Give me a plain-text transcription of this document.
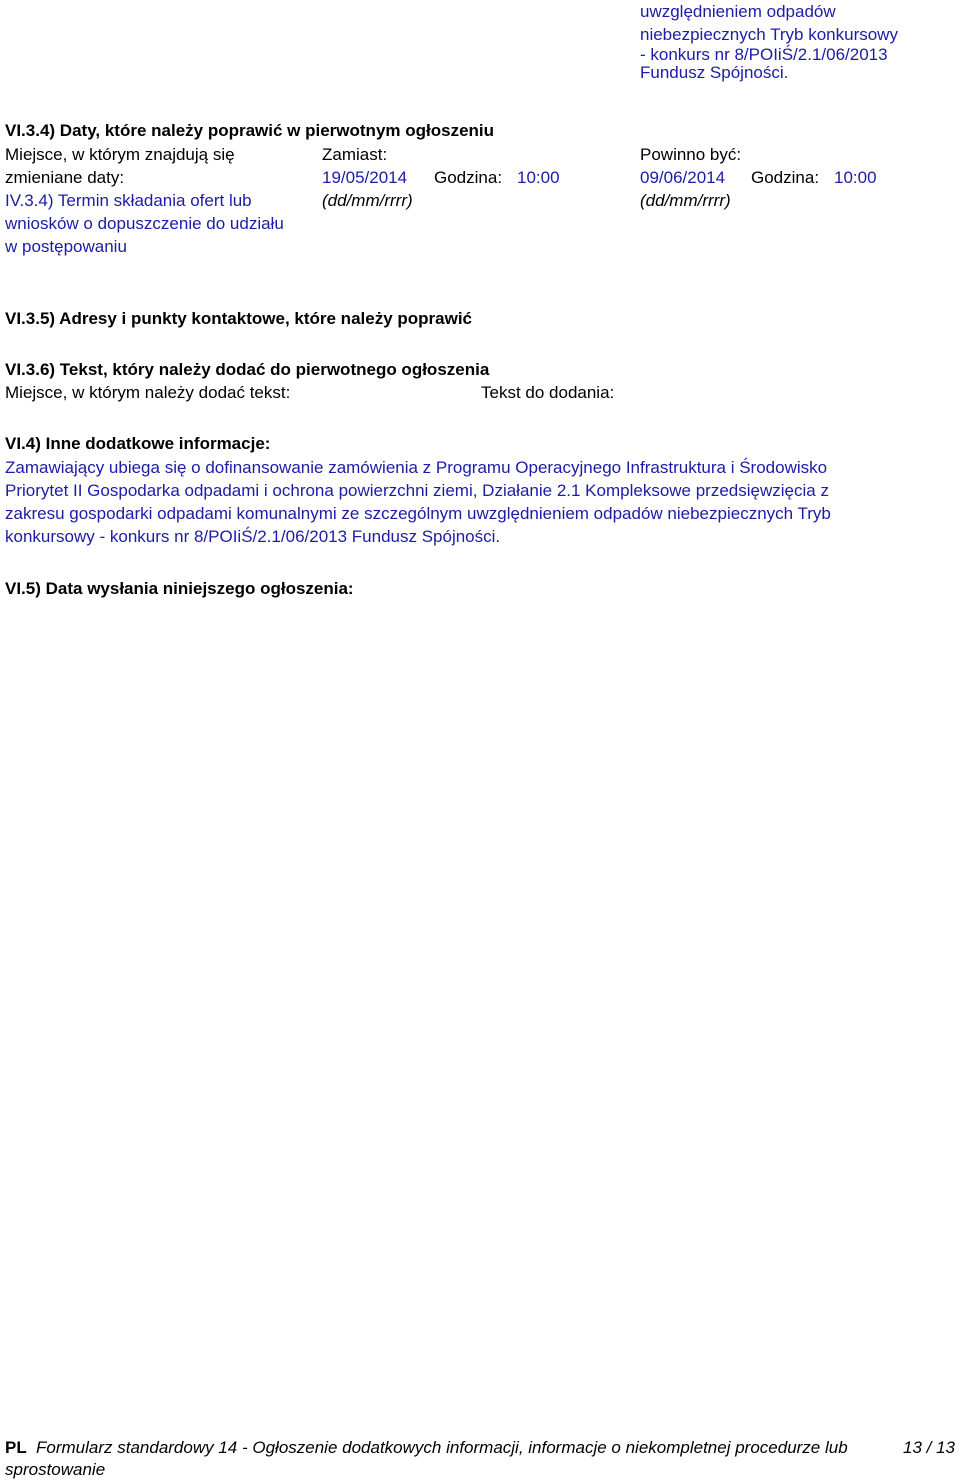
uwzględnieniem odpadów
niebezpiecznych Tryb konkursowy
- konkurs nr 8/POIiŚ/2.1/06/2013
Fundusz Spójności.
VI.3.4) Daty, które należy poprawić w pierwotnym ogłoszeniu
Miejsce, w którym znajdują się
zmieniane daty:
IV.3.4) Termin składania ofert lub
wniosków o dopuszczenie do udziału
w postępowaniu
Zamiast:
19/05/2014 Godzina: 10:00
(dd/mm/rrrr)
Powinno być:
09/06/2014 Godzina: 10:00
(dd/mm/rrrr)
VI.3.5) Adresy i punkty kontaktowe, które należy poprawić
VI.3.6) Tekst, który należy dodać do pierwotnego ogłoszenia
Miejsce, w którym należy dodać tekst:	Tekst do dodania:
VI.4) Inne dodatkowe informacje:
Zamawiający ubiega się o dofinansowanie zamówienia z Programu Operacyjnego Infrastruktura i Środowisko
Priorytet II Gospodarka odpadami i ochrona powierzchni ziemi, Działanie 2.1 Kompleksowe przedsięwzięcia z
zakresu gospodarki odpadami komunalnymi ze szczególnym uwzględnieniem odpadów niebezpiecznych Tryb
konkursowy - konkurs nr 8/POIiŚ/2.1/06/2013 Fundusz Spójności.
VI.5) Data wysłania niniejszego ogłoszenia:
PL Formularz standardowy 14 - Ogłoszenie dodatkowych informacji, informacje o niekompletnej procedurze lub
sprostowanie
13 / 13
